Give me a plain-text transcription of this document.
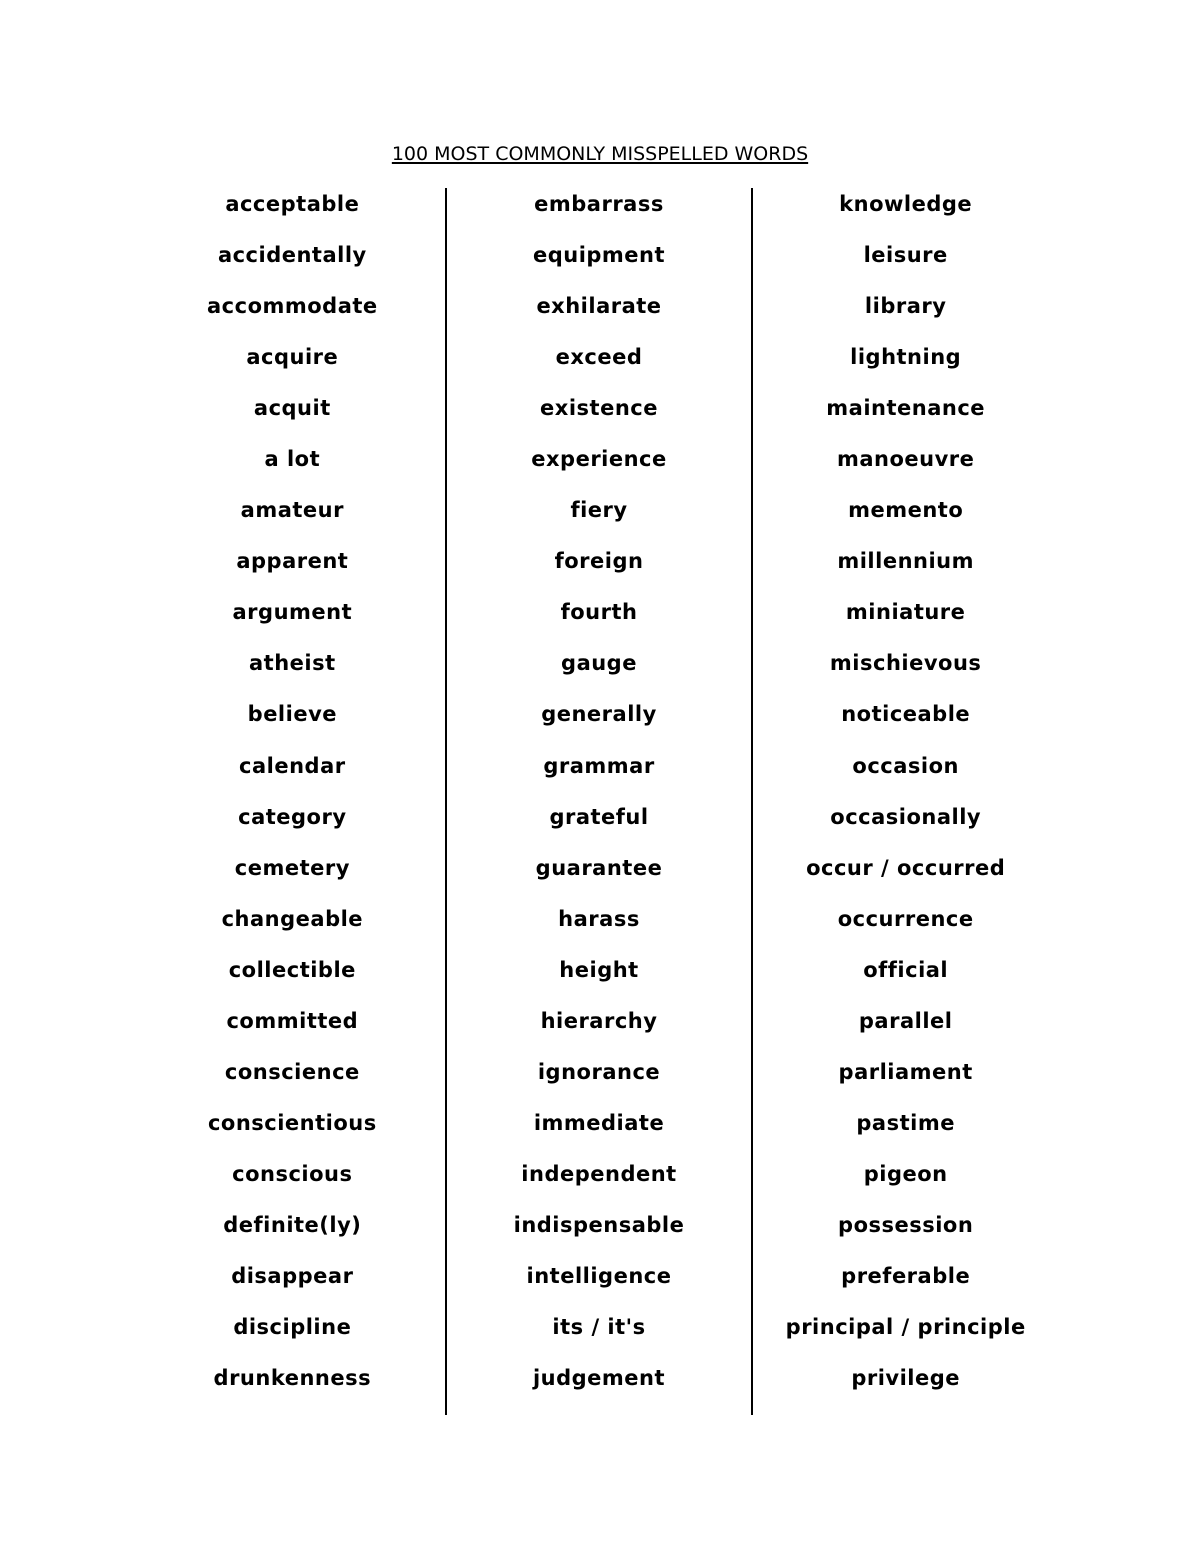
100 MOST COMMONLY MISSPELLED WORDS
acceptable
accidentally
accommodate
acquire
acquit
a lot
amateur
apparent
argument
atheist
believe
calendar
category
cemetery
changeable
collectible
committed
conscience
conscientious
conscious
definite(ly)
disappear
discipline
drunkenness
embarrass
equipment
exhilarate
exceed
existence
experience
fiery
foreign
fourth
gauge
generally
grammar
grateful
guarantee
harass
height
hierarchy
ignorance
immediate
independent
indispensable
intelligence
its / it's
judgement
knowledge
leisure
library
lightning
maintenance
manoeuvre
memento
millennium
miniature
mischievous
noticeable
occasion
occasionally
occur / occurred
occurrence
official
parallel
parliament
pastime
pigeon
possession
preferable
principal / principle
privilege
